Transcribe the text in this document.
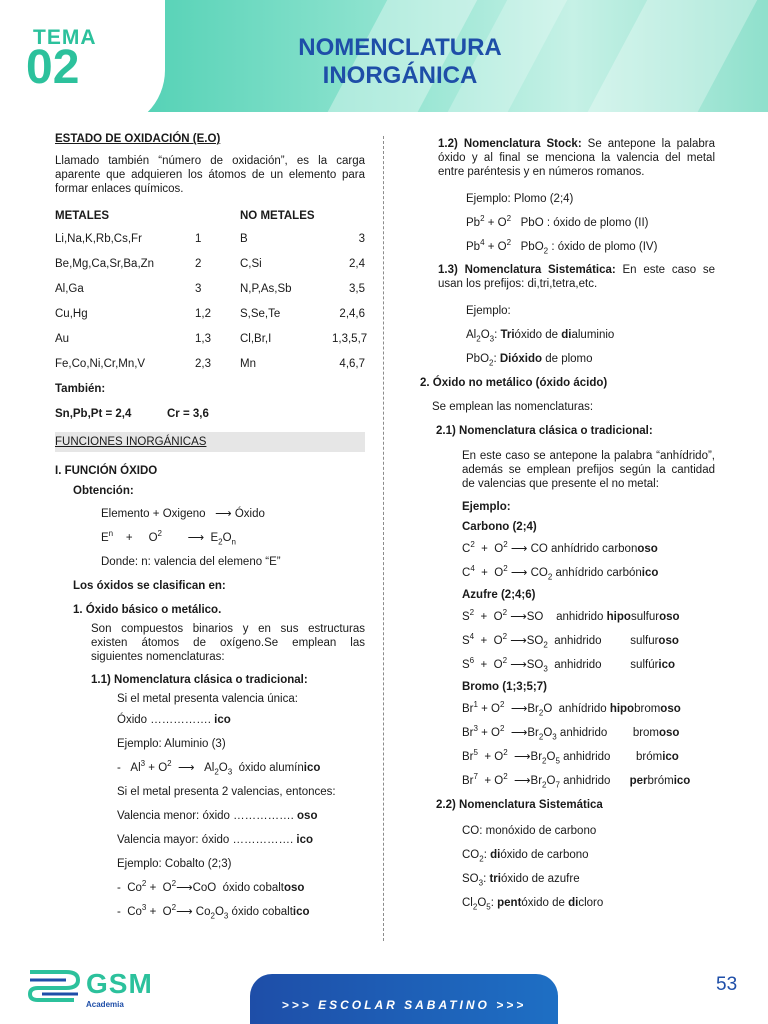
TEMA
02	NOMENCLATURA
INORGÁNICA
ESTADO DE OXIDACIÓN (E.O)
Llamado también “número de oxidación”, es la carga aparente que adquieren los átomos de un elemento para formar enlaces químicos.
METALES	NO METALES
Li,Na,K,Rb,Cs,Fr	1	B	3
Be,Mg,Ca,Sr,Ba,Zn	2	C,Si	2,4
Al,Ga	3	N,P,As,Sb	3,5
Cu,Hg	1,2	S,Se,Te	2,4,6
Au	1,3	Cl,Br,I	1,3,5,7
Fe,Co,Ni,Cr,Mn,V	2,3	Mn	4,6,7
También:
Sn,Pb,Pt = 2,4	Cr = 3,6
FUNCIONES INORGÁNICAS
I. FUNCIÓN ÓXIDO
Obtención:
Elemento + Oxigeno
⟶
Óxido
$E^n$    +     $O^2$ ⟶  $E_2O_n$
Donde: n: valencia del elemeno “E”
Los óxidos se clasifican en:
1. Óxido básico o metálico.
Son compuestos binarios y en sus estructuras existen átomos de oxígeno.Se emplean las siguientes nomenclaturas:
1.1) Nomenclatura clásica o tradicional:
Si el metal presenta valencia única:
Óxido …………….
ico
Ejemplo: Aluminio (3)
-   $Al^3 + O^2$ ⟶   $Al_2O_3$ óxido alumínico
Si el metal presenta 2 valencias, entonces:
Valencia menor: óxido …………….
oso
Valencia mayor: óxido …………….
ico
Ejemplo: Cobalto (2;3)
-  $Co^2$ +  $O^2⟶CoO$  óxido cobaltoso
-  $Co^3$ +  $O^2⟶$ $Co_2O_3$ óxido cobaltico
1.2) Nomenclatura Stock: Se antepone la palabra óxido y al final se menciona la valencia del metal entre paréntesis y en números romanos.
Ejemplo: Plomo (2;4)
$Pb^2 + O^2$ PbO : óxido de plomo (II)
$Pb^4 + O^2$   PbO$_2$ : óxido de plomo (IV)
1.3) Nomenclatura Sistemática: En este caso se usan los prefijos: di,tri,tetra,etc.
Ejemplo:
$Al_2O_3$: Trióxido de dialuminio
PbO$_2$: Dióxido de plomo
2. Óxido no metálico (óxido ácido)
Se emplean las nomenclaturas:
2.1) Nomenclatura clásica o tradicional:
En este caso se antepone la palabra “anhídrido”, además se emplean prefijos según la cantidad de valencias que presente el no metal:
Ejemplo:
Carbono (2;4)
$C^2 + O^2$ ⟶ CO anhídrido carbonoso
$C^4 + O^2$ ⟶ $CO_2$ anhídrido carbónico
Azufre (2;4;6)
$S^2 + O^2$ ⟶SO    anhidrido hiposulfuroso
$S^4 + O^2$ $⟶SO_2$ anhidrido	sulfuroso
$S^6 + O^2$ $⟶SO_3$ anhidrido	sulfúrico
Bromo (1;3;5;7)
$Br^1 + O^2$ $⟶Br_2O$  anhídrido hipobromoso
$Br^3 + O^2$ $⟶Br_2O_3$ anhidrido bromoso
$Br^5 + O^2$ $⟶Br_2O_5$ anhidrido brómico
$Br^7 + O^2$ $⟶Br_2O_7$ anhidrido perbrómico
2.2) Nomenclatura Sistemática
CO: monóxido de carbono
$CO_2$: dióxido de carbono
$SO_3$: trióxido de azufre
$Cl_2O_5$: pentóxido de dicloro
GSM
Academia	>>> ESCOLAR SABATINO >>>
53
